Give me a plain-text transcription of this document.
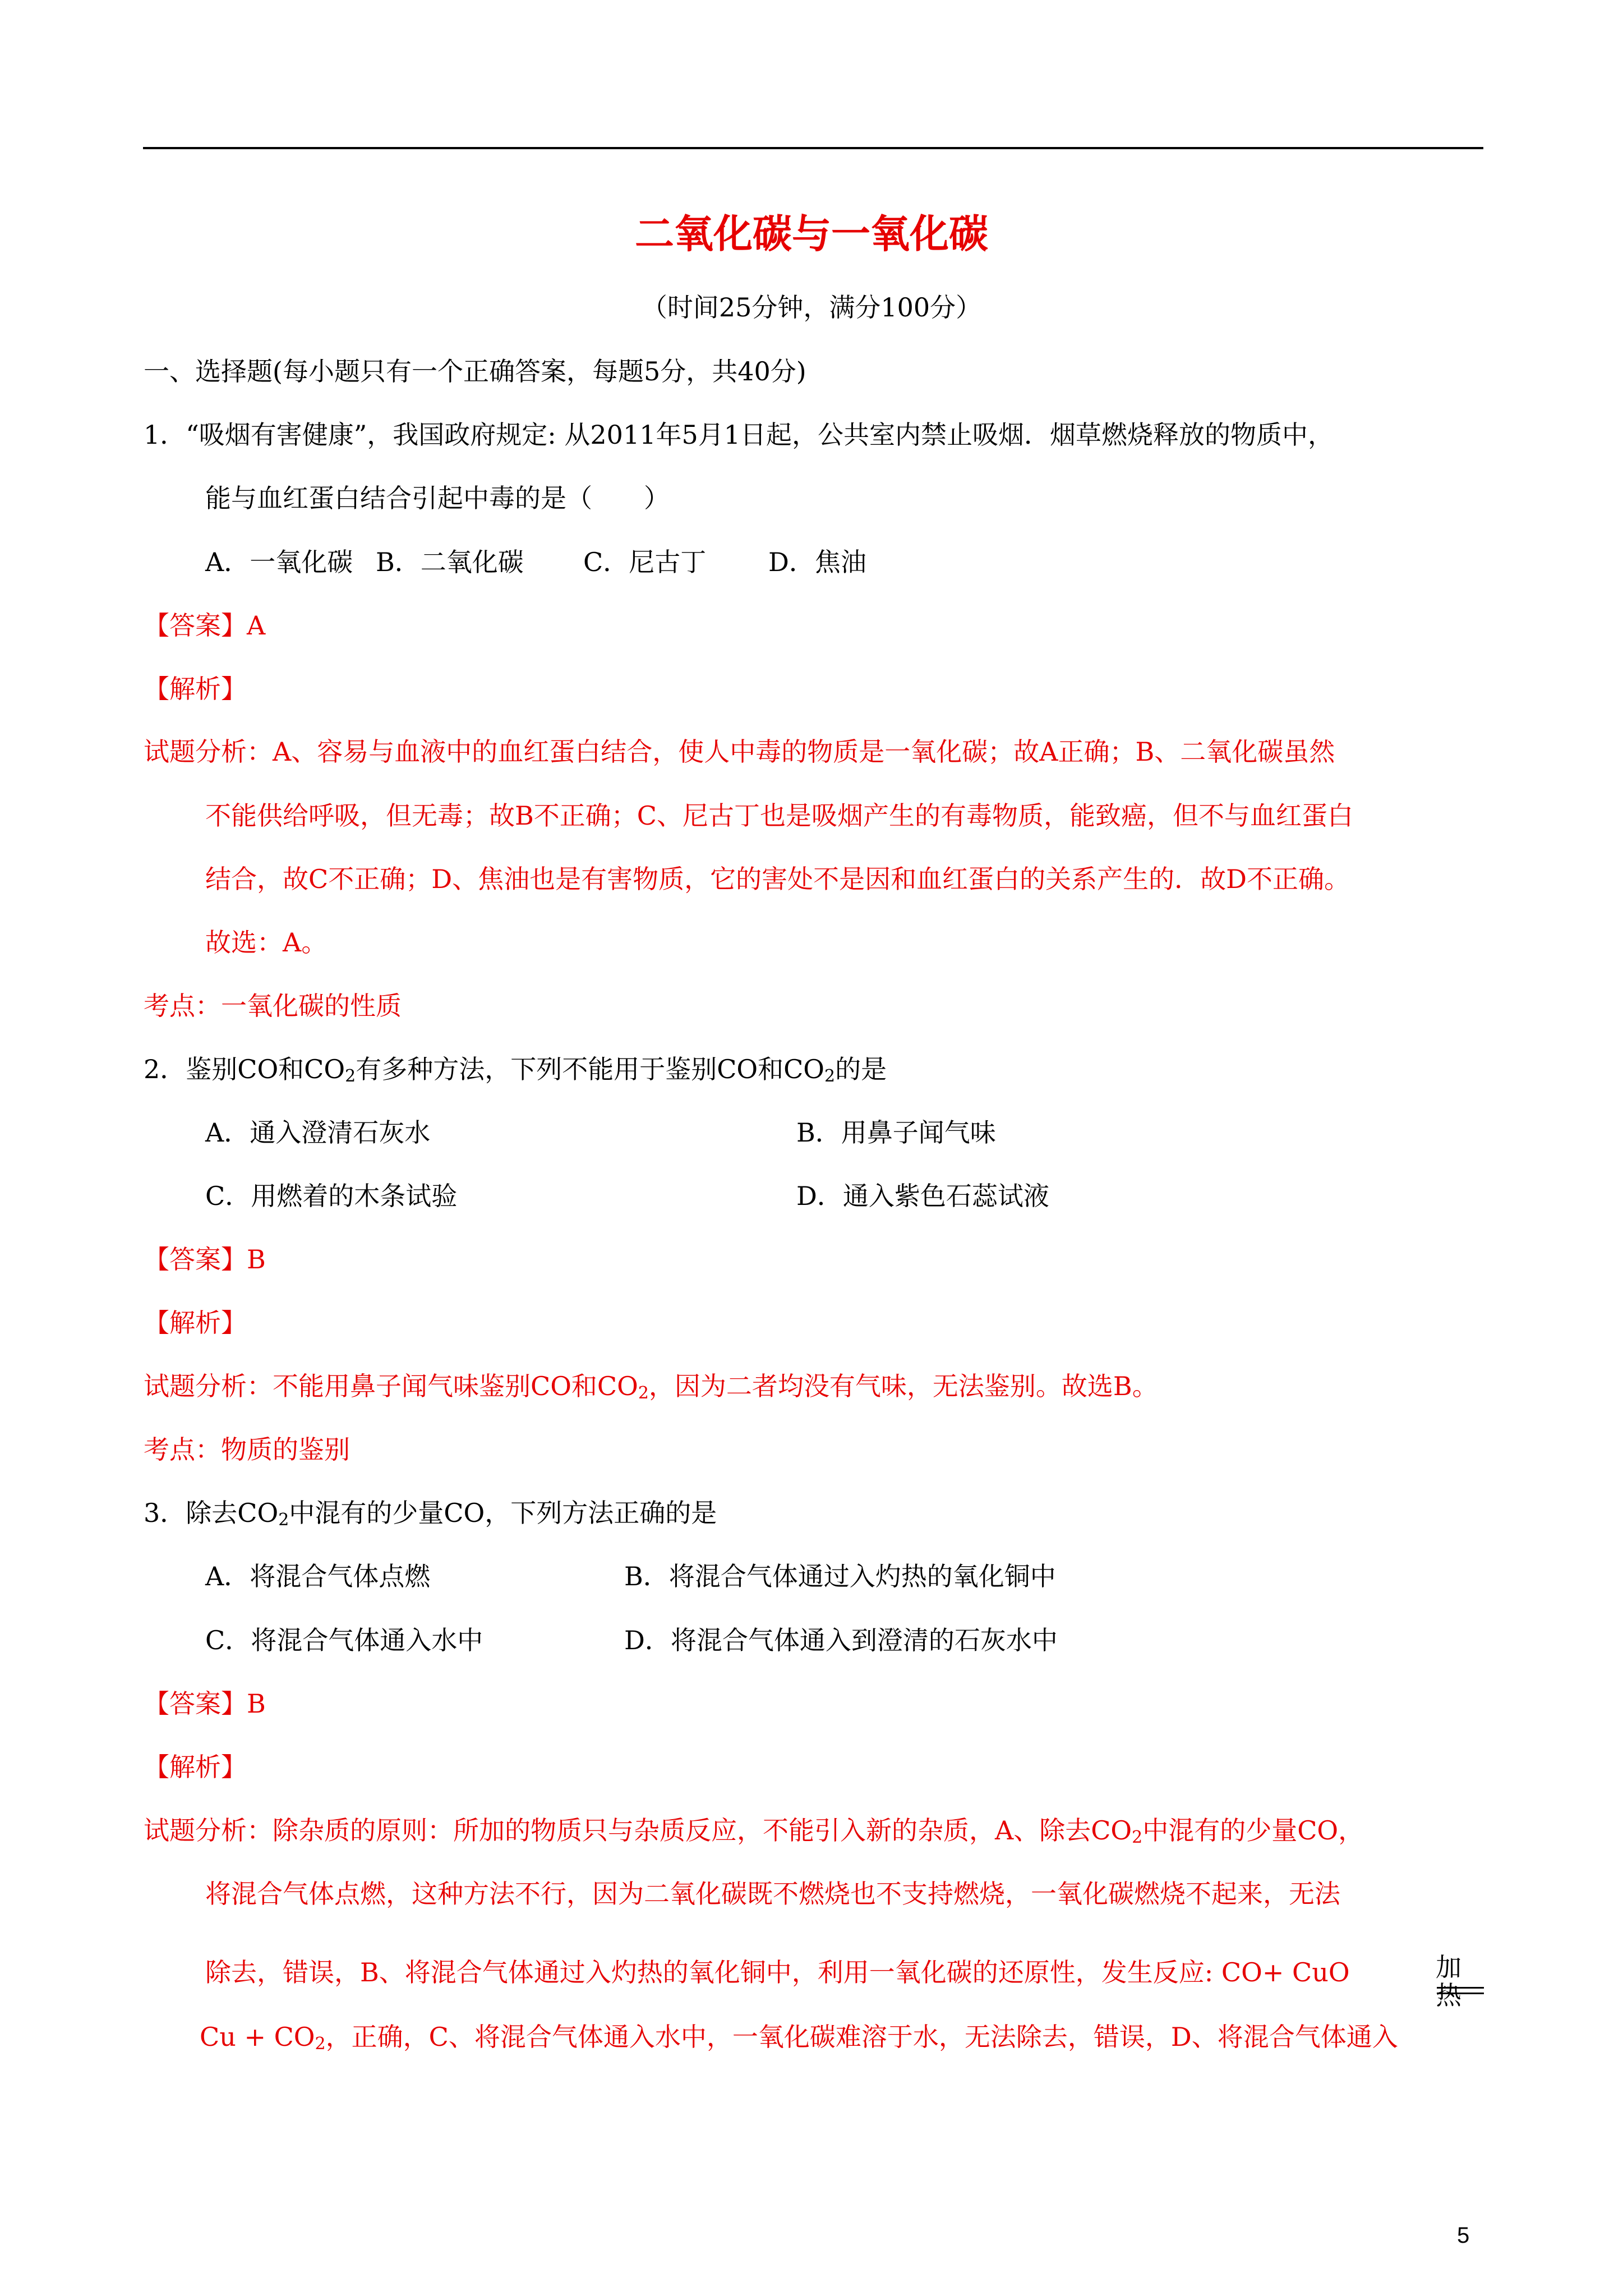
二氧化碳与一氧化碳
（时间25分钟，满分100分）
一、选择题(每小题只有一个正确答案，每题5分，共40分)
1．“吸烟有害健康”，我国政府规定: 从2011年5月1日起，公共室内禁止吸烟．烟草燃烧释放的物质中，
能与血红蛋白结合引起中毒的是（　　）
A．一氧化碳 B．二氧化碳 C．尼古丁 D．焦油
【答案】A
【解析】
试题分析：A、容易与血液中的血红蛋白结合，使人中毒的物质是一氧化碳；故A正确；B、二氧化碳虽然
不能供给呼吸，但无毒；故B不正确；C、尼古丁也是吸烟产生的有毒物质，能致癌，但不与血红蛋白
结合，故C不正确；D、焦油也是有害物质，它的害处不是因和血红蛋白的关系产生的．故D不正确。
故选：A。
考点：一氧化碳的性质
2．鉴别CO和$CO_2$有多种方法，下列不能用于鉴别CO和$CO_2$的是
A．通入澄清石灰水	B．用鼻子闻气味
C．用燃着的木条试验	D．通入紫色石蕊试液
【答案】B
【解析】
试题分析：不能用鼻子闻气味鉴别CO和$CO_2$，因为二者均没有气味，无法鉴别。故选B。
考点：物质的鉴别
3．除去$CO_2$中混有的少量CO，下列方法正确的是
A．将混合气体点燃	B．将混合气体通过入灼热的氧化铜中
C．将混合气体通入水中	D．将混合气体通入到澄清的石灰水中
【答案】B
【解析】
试题分析：除杂质的原则：所加的物质只与杂质反应，不能引入新的杂质，A、除去$CO_2$中混有的少量CO，
将混合气体点燃，这种方法不行，因为二氧化碳既不燃烧也不支持燃烧，一氧化碳燃烧不起来，无法
除去，错误，B、将混合气体通过入灼热的氧化铜中，利用一氧化碳的还原性，发生反应: CO+ CuO	加热
$Cu + CO_2$，正确，C、将混合气体通入水中，一氧化碳难溶于水，无法除去，错误，D、将混合气体通入
5
